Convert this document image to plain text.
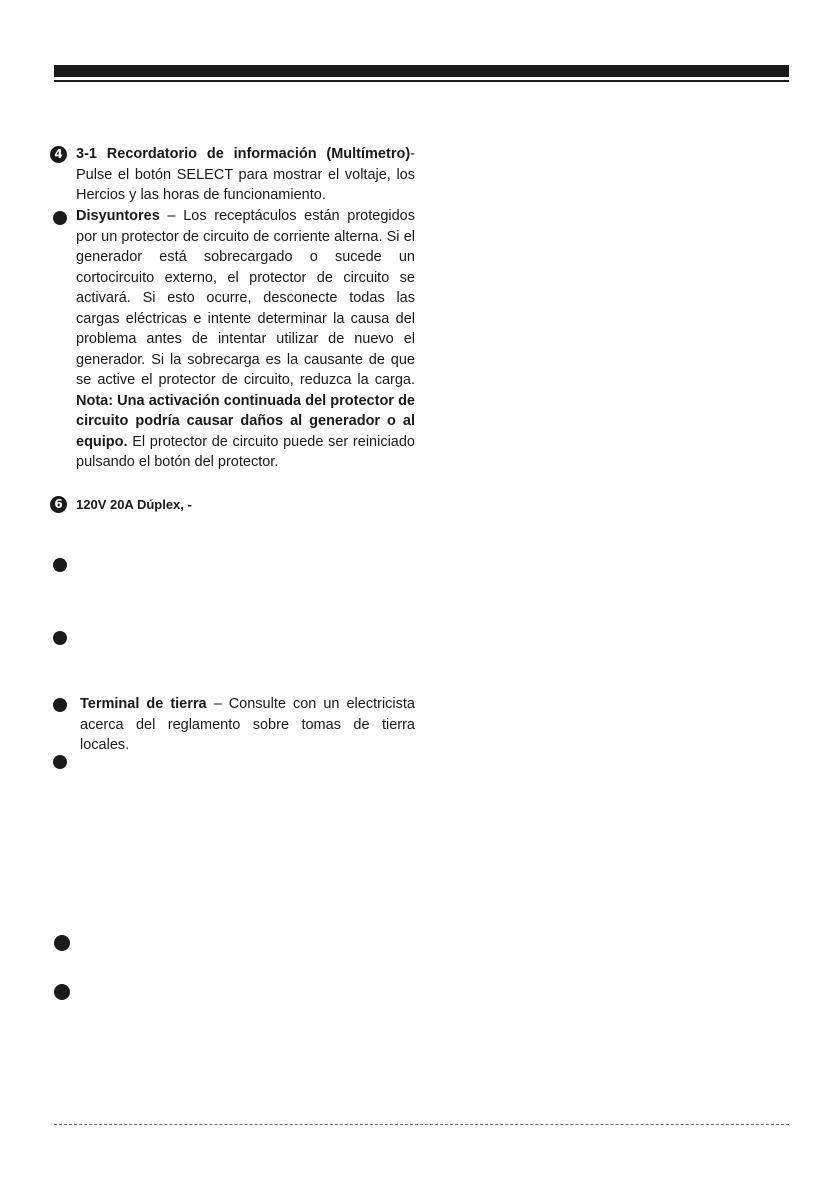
4 3-1 Recordatorio de información (Multímetro)- Pulse el botón SELECT para mostrar el voltaje, los Hercios y las horas de funcionamiento.
Disyuntores – Los receptáculos están protegidos por un protector de circuito de corriente alterna. Si el generador está sobrecargado o sucede un cortocircuito externo, el protector de circuito se activará. Si esto ocurre, desconecte todas las cargas eléctricas e intente determinar la causa del problema antes de intentar utilizar de nuevo el generador. Si la sobrecarga es la causante de que se active el protector de circuito, reduzca la carga. Nota: Una activación continuada del protector de circuito podría causar daños al generador o al equipo. El protector de circuito puede ser reiniciado pulsando el botón del protector.
6	120V 20A Dúplex, -
Terminal de tierra – Consulte con un electricista acerca del reglamento sobre tomas de tierra locales.
